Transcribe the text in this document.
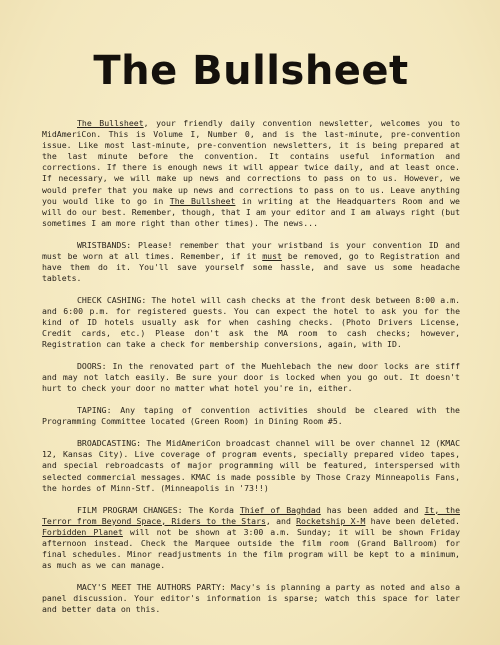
The Bullsheet

The Bullsheet, your friendly daily convention newsletter, welcomes you to MidAmeriCon. This is Volume I, Number 0, and is the last-minute, pre-convention issue. Like most last-minute, pre-convention newsletters, it is being prepared at the last minute before the convention. It contains useful information and corrections. If there is enough news it will appear twice daily, and at least once. If necessary, we will make up news and corrections to pass on to us. However, we would prefer that you make up news and corrections to pass on to us. Leave anything you would like to go in The Bullsheet in writing at the Headquarters Room and we will do our best. Remember, though, that I am your editor and I am always right (but sometimes I am more right than other times). The news...

WRISTBANDS: Please! remember that your wristband is your convention ID and must be worn at all times. Remember, if it must be removed, go to Registration and have them do it. You'll save yourself some hassle, and save us some headache tablets.

CHECK CASHING: The hotel will cash checks at the front desk between 8:00 a.m. and 6:00 p.m. for registered guests. You can expect the hotel to ask you for the kind of ID hotels usually ask for when cashing checks. (Photo Drivers License, Credit cards, etc.) Please don't ask the MA room to cash checks; however, Registration can take a check for membership conversions, again, with ID.

DOORS: In the renovated part of the Muehlebach the new door locks are stiff and may not latch easily. Be sure your door is locked when you go out. It doesn't hurt to check your door no matter what hotel you're in, either.

TAPING: Any taping of convention activities should be cleared with the Programming Committee located (Green Room) in Dining Room #5.

BROADCASTING: The MidAmeriCon broadcast channel will be over channel 12 (KMAC 12, Kansas City). Live coverage of program events, specially prepared video tapes, and special rebroadcasts of major programming will be featured, interspersed with selected commercial messages. KMAC is made possible by Those Crazy Minneapolis Fans, the hordes of Minn-Stf. (Minneapolis in '73!!)

FILM PROGRAM CHANGES: The Korda Thief of Baghdad has been added and It, the Terror from Beyond Space, Riders to the Stars, and Rocketship X-M have been deleted. Forbidden Planet will not be shown at 3:00 a.m. Sunday; it will be shown Friday afternoon instead. Check the Marquee outside the film room (Grand Ballroom) for final schedules. Minor readjustments in the film program will be kept to a minimum, as much as we can manage.

MACY'S MEET THE AUTHORS PARTY: Macy's is planning a party as noted and also a panel discussion. Your editor's information is sparse; watch this space for later and better data on this.
